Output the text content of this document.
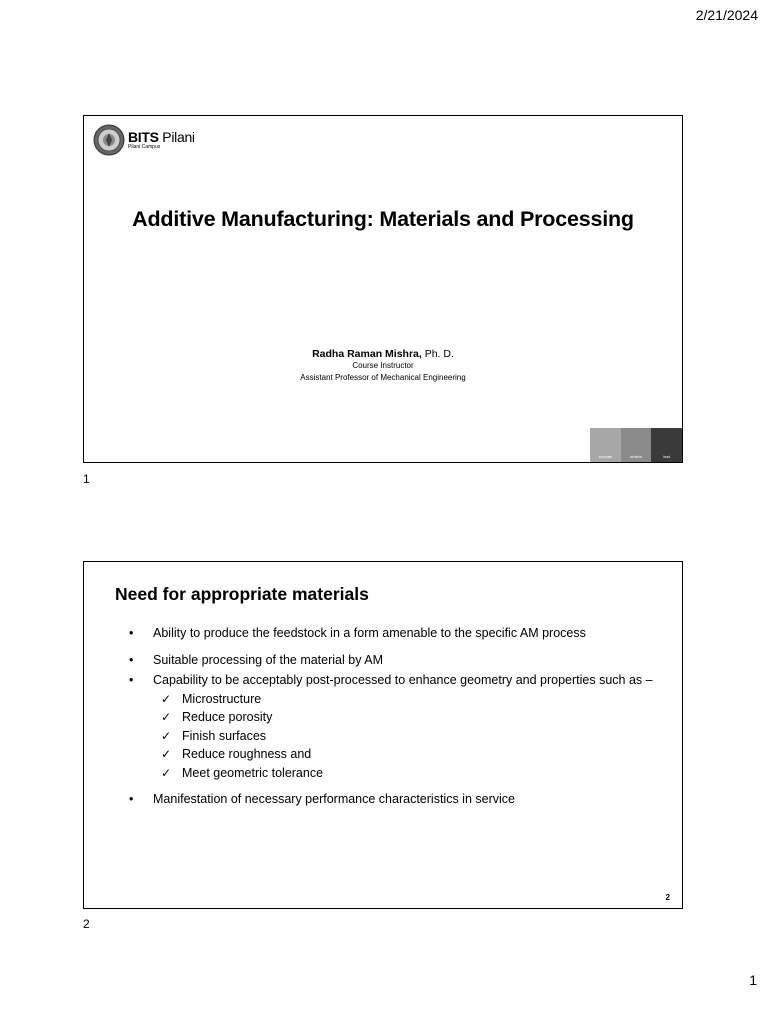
2/21/2024
BITS Pilani
Pilani Campus
Additive Manufacturing: Materials and Processing
Radha Raman Mishra, Ph. D.
Course Instructor
Assistant Professor of Mechanical Engineering
innovate	achieve	lead
1
Need for appropriate materials
• Ability to produce the feedstock in a form amenable to the specific AM process
• Suitable processing of the material by AM
• Capability to be acceptably post-processed to enhance geometry and properties such as –
✓ Microstructure
✓ Reduce porosity
✓ Finish surfaces
✓ Reduce roughness and
✓ Meet geometric tolerance
• Manifestation of necessary performance characteristics in service
2
2
1
